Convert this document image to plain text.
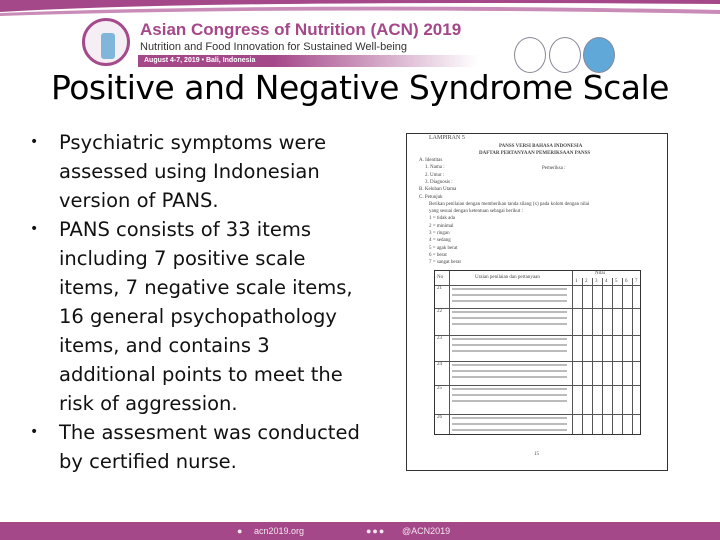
Asian Congress of Nutrition (ACN) 2019
Nutrition and Food Innovation for Sustained Well-being
August 4-7, 2019 • Bali, Indonesia
Positive and Negative Syndrome Scale
• Psychiatric symptoms were assessed using Indonesian version of PANS.
• PANS consists of 33 items including 7 positive scale items, 7 negative scale items, 16 general psychopathology items, and contains 3 additional points to meet the risk of aggression.
• The assesment was conducted by certified nurse.
LAMPIRAN 5
PANSS VERSI BAHASA INDONESIA
DAFTAR PERTANYAAN PEMERIKSAAN PANSS
Pemeriksa :
A. Identitas
1. Nama :
2. Umur :
3. Diagnosis :
B. Keluhan Utama
C. Petunjuk
Berikan penilaian dengan memberikan tanda silang (x) pada kolom dengan nilai
yang sesuai dengan ketentuan sebagai berikut :
1 = tidak ada
2 = minimal
3 = ringan
4 = sedang
5 = agak berat
6 = berat
7 = sangat berat
No	Uraian penilaian dan pertanyaan
Nilai
1 2 3 4 5 6 7
21
22
23
24
25
26
15
● acn2019.org	●●● @ACN2019
